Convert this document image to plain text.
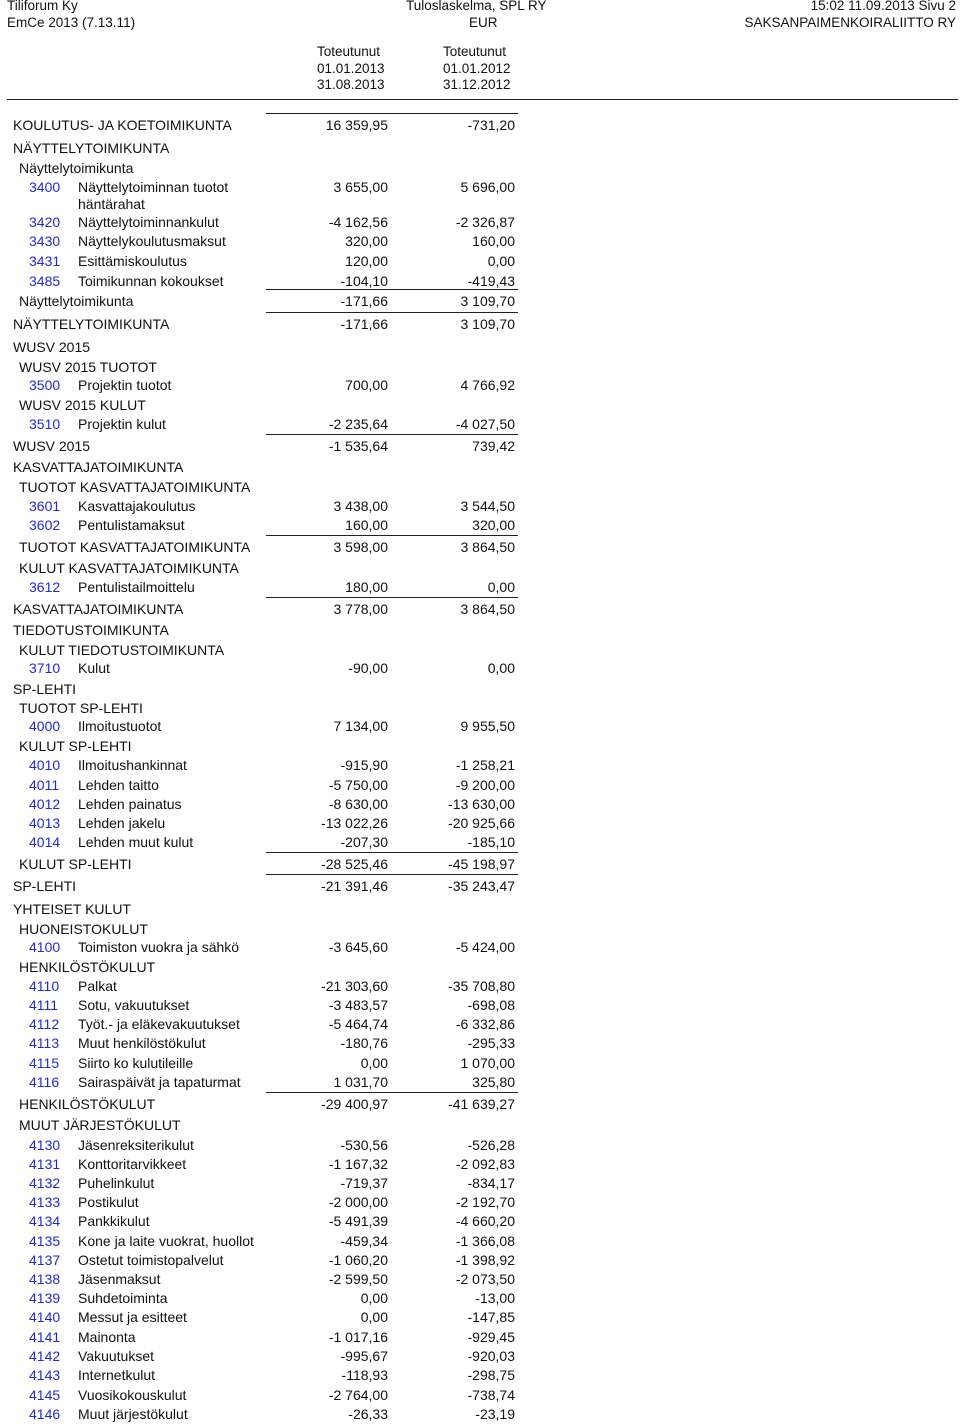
Tiliforum Ky
EmCe 2013 (7.13.11)
Tuloslaskelma, SPL RY
EUR
15:02 11.09.2013 Sivu 2
SAKSANPAIMENKOIRALIITTO RY
Toteutunut
01.01.2013
31.08.2013
Toteutunut
01.01.2012
31.12.2012
KOULUTUS- JA KOETOIMIKUNTA	16 359,95	-731,20
NÄYTTELYTOIMIKUNTA
Näyttelytoimikunta
3400 Näyttelytoiminnan tuotot
häntärahat
3 655,00	5 696,00
3420 Näyttelytoiminnankulut	-4 162,56	-2 326,87
3430 Näyttelykoulutusmaksut	320,00	160,00
3431 Esittämiskoulutus	120,00	0,00
3485 Toimikunnan kokoukset	-104,10	-419,43
Näyttelytoimikunta	-171,66	3 109,70
NÄYTTELYTOIMIKUNTA	-171,66	3 109,70
WUSV 2015
WUSV 2015 TUOTOT
3500 Projektin tuotot	700,00	4 766,92
WUSV 2015 KULUT
3510 Projektin kulut	-2 235,64	-4 027,50
WUSV 2015	-1 535,64	739,42
KASVATTAJATOIMIKUNTA
TUOTOT KASVATTAJATOIMIKUNTA
3601 Kasvattajakoulutus	3 438,00	3 544,50
3602 Pentulistamaksut	160,00	320,00
TUOTOT KASVATTAJATOIMIKUNTA	3 598,00	3 864,50
KULUT KASVATTAJATOIMIKUNTA
3612 Pentulistailmoittelu	180,00	0,00
KASVATTAJATOIMIKUNTA	3 778,00	3 864,50
TIEDOTUSTOIMIKUNTA
KULUT TIEDOTUSTOIMIKUNTA
3710 Kulut	-90,00	0,00
SP-LEHTI
TUOTOT SP-LEHTI
4000 Ilmoitustuotot	7 134,00	9 955,50
KULUT SP-LEHTI
4010 Ilmoitushankinnat	-915,90	-1 258,21
4011 Lehden taitto	-5 750,00	-9 200,00
4012 Lehden painatus	-8 630,00	-13 630,00
4013 Lehden jakelu	-13 022,26	-20 925,66
4014 Lehden muut kulut	-207,30	-185,10
KULUT SP-LEHTI	-28 525,46	-45 198,97
SP-LEHTI	-21 391,46	-35 243,47
YHTEISET KULUT
HUONEISTOKULUT
4100 Toimiston vuokra ja sähkö	-3 645,60	-5 424,00
HENKILÖSTÖKULUT
4110 Palkat	-21 303,60	-35 708,80
4111 Sotu, vakuutukset	-3 483,57	-698,08
4112 Työt.- ja eläkevakuutukset	-5 464,74	-6 332,86
4113 Muut henkilöstökulut	-180,76	-295,33
4115 Siirto ko kulutileille	0,00	1 070,00
4116 Sairaspäivät ja tapaturmat	1 031,70	325,80
HENKILÖSTÖKULUT	-29 400,97	-41 639,27
MUUT JÄRJESTÖKULUT
4130 Jäsenreksiterikulut	-530,56	-526,28
4131 Konttoritarvikkeet	-1 167,32	-2 092,83
4132 Puhelinkulut	-719,37	-834,17
4133 Postikulut	-2 000,00	-2 192,70
4134 Pankkikulut	-5 491,39	-4 660,20
4135 Kone ja laite vuokrat, huollot	-459,34	-1 366,08
4137 Ostetut toimistopalvelut	-1 060,20	-1 398,92
4138 Jäsenmaksut	-2 599,50	-2 073,50
4139 Suhdetoiminta	0,00	-13,00
4140 Messut ja esitteet	0,00	-147,85
4141 Mainonta	-1 017,16	-929,45
4142 Vakuutukset	-995,67	-920,03
4143 Internetkulut	-118,93	-298,75
4145 Vuosikokouskulut	-2 764,00	-738,74
4146 Muut järjestökulut	-26,33	-23,19
